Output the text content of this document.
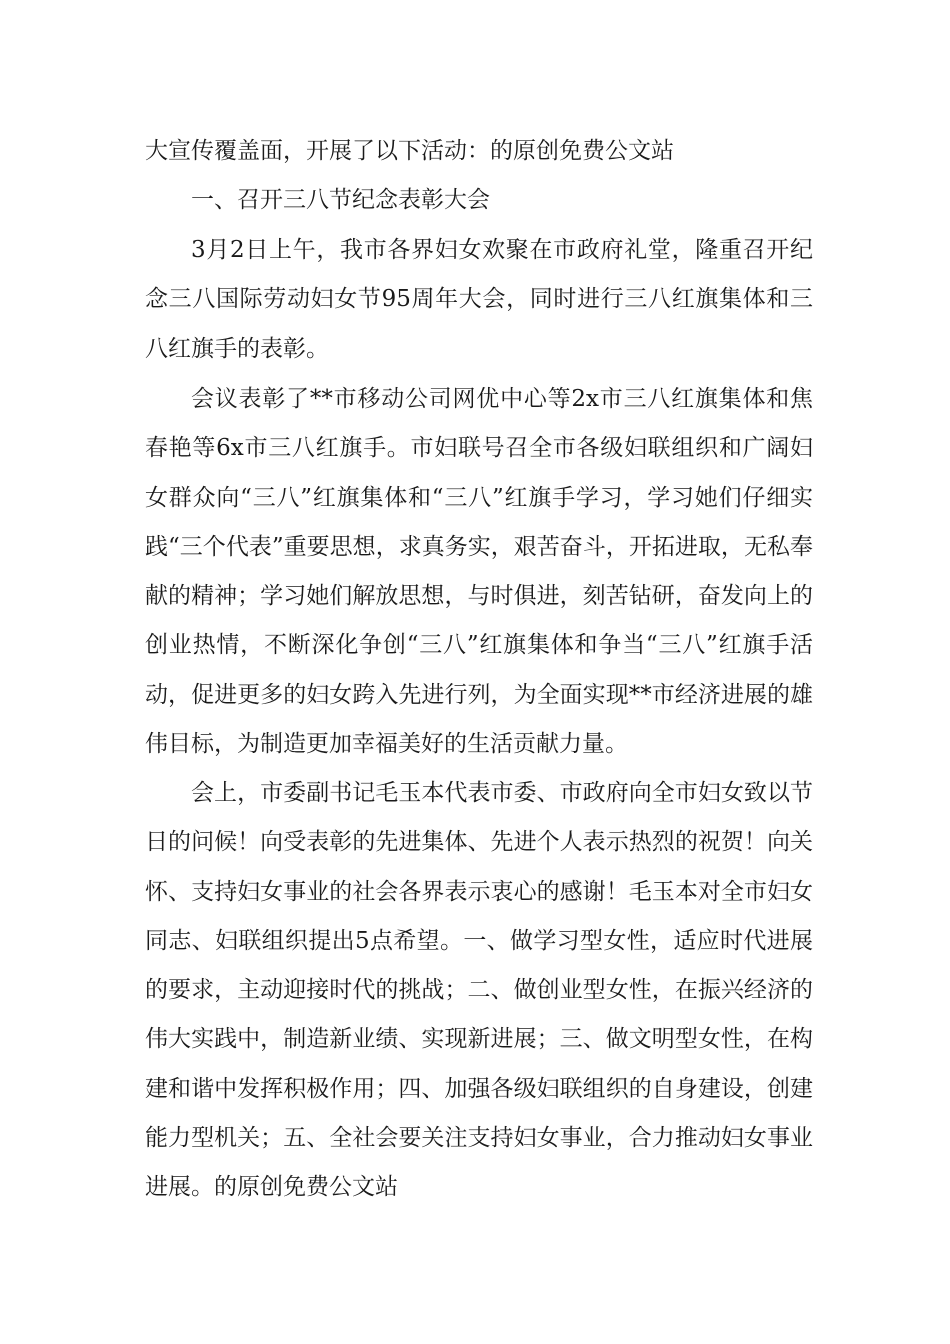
大宣传覆盖面，开展了以下活动：的原创免费公文站

一、召开三八节纪念表彰大会

3月2日上午，我市各界妇女欢聚在市政府礼堂，隆重召开纪念三八国际劳动妇女节95周年大会，同时进行三八红旗集体和三八红旗手的表彰。

会议表彰了**市移动公司网优中心等2x市三八红旗集体和焦春艳等6x市三八红旗手。市妇联号召全市各级妇联组织和广阔妇女群众向“三八”红旗集体和“三八”红旗手学习，学习她们仔细实践“三个代表”重要思想，求真务实，艰苦奋斗，开拓进取，无私奉献的精神；学习她们解放思想，与时俱进，刻苦钻研，奋发向上的创业热情，不断深化争创“三八”红旗集体和争当“三八”红旗手活动，促进更多的妇女跨入先进行列，为全面实现**市经济进展的雄伟目标，为制造更加幸福美好的生活贡献力量。

会上，市委副书记毛玉本代表市委、市政府向全市妇女致以节日的问候！向受表彰的先进集体、先进个人表示热烈的祝贺！向关怀、支持妇女事业的社会各界表示衷心的感谢！毛玉本对全市妇女同志、妇联组织提出5点希望。一、做学习型女性，适应时代进展的要求，主动迎接时代的挑战；二、做创业型女性，在振兴经济的伟大实践中，制造新业绩、实现新进展；三、做文明型女性，在构建和谐中发挥积极作用；四、加强各级妇联组织的自身建设，创建能力型机关；五、全社会要关注支持妇女事业，合力推动妇女事业进展。的原创免费公文站
